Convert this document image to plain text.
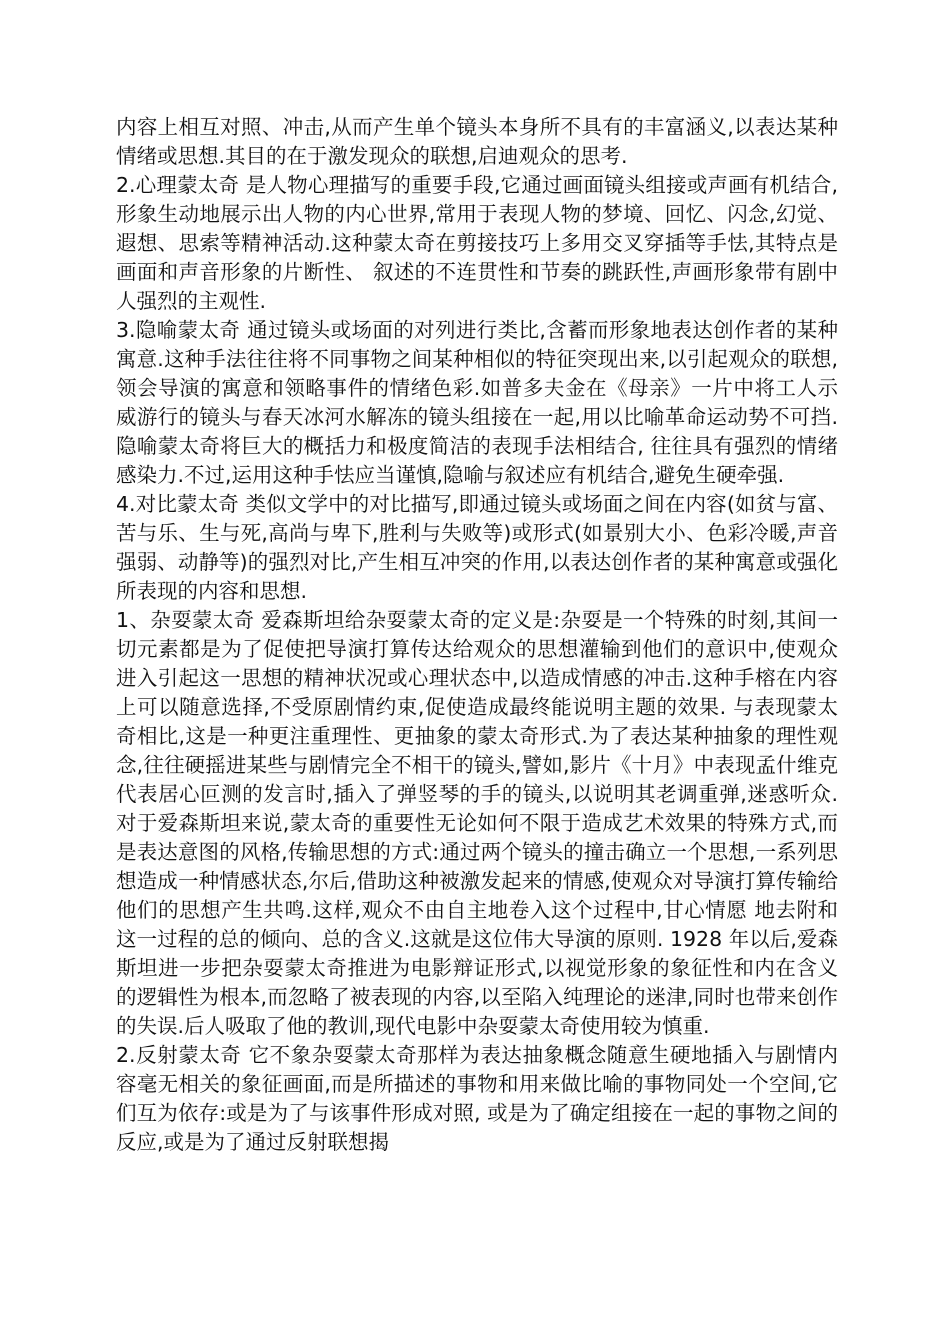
内容上相互对照、冲击,从而产生单个镜头本身所不具有的丰富涵义,以表达某种情绪或思想.其目的在于激发现众的联想,启迪观众的思考.

2.心理蒙太奇 是人物心理描写的重要手段,它通过画面镜头组接或声画有机结合,形象生动地展示出人物的内心世界,常用于表现人物的梦境、回忆、闪念,幻觉、遐想、思索等精神活动.这种蒙太奇在剪接技巧上多用交叉穿插等手怯,其特点是画面和声音形象的片断性、 叙述的不连贯性和节奏的跳跃性,声画形象带有剧中人强烈的主观性.

3.隐喻蒙太奇 通过镜头或场面的对列进行类比,含蓄而形象地表达创作者的某种寓意.这种手法往往将不同事物之间某种相似的特征突现出来,以引起观众的联想,领会导演的寓意和领略事件的情绪色彩.如普多夫金在《母亲》一片中将工人示威游行的镜头与春天冰河水解冻的镜头组接在一起,用以比喻革命运动势不可挡. 隐喻蒙太奇将巨大的概括力和极度简洁的表现手法相结合, 往往具有强烈的情绪感染力.不过,运用这种手怯应当谨慎,隐喻与叙述应有机结合,避免生硬牵强.

4.对比蒙太奇 类似文学中的对比描写,即通过镜头或场面之间在内容(如贫与富、苦与乐、生与死,高尚与卑下,胜利与失败等)或形式(如景别大小、色彩冷暖,声音强弱、动静等)的强烈对比,产生相互冲突的作用,以表达创作者的某种寓意或强化所表现的内容和思想.

1、杂耍蒙太奇 爱森斯坦给杂耍蒙太奇的定义是:杂耍是一个特殊的时刻,其间一切元素都是为了促使把导演打算传达给观众的思想灌输到他们的意识中,使观众进入引起这一思想的精神状况或心理状态中,以造成情感的冲击.这种手榕在内容上可以随意选择,不受原剧情约束,促使造成最终能说明主题的效果. 与表现蒙太奇相比,这是一种更注重理性、更抽象的蒙太奇形式.为了表达某种抽象的理性观念,往往硬摇进某些与剧情完全不相干的镜头,譬如,影片《十月》中表现孟什维克代表居心叵测的发言时,插入了弹竖琴的手的镜头,以说明其老调重弹,迷惑听众. 对于爱森斯坦来说,蒙太奇的重要性无论如何不限于造成艺术效果的特殊方式,而是表达意图的风格,传输思想的方式:通过两个镜头的撞击确立一个思想,一系列思想造成一种情感状态,尔后,借助这种被激发起来的情感,使观众对导演打算传输给他们的思想产生共鸣.这样,观众不由自主地卷入这个过程中,甘心情愿 地去附和这一过程的总的倾向、总的含义.这就是这位伟大导演的原则. 1928 年以后,爱森斯坦进一步把杂耍蒙太奇推进为电影辩证形式,以视觉形象的象征性和内在含义的逻辑性为根本,而忽略了被表现的内容,以至陷入纯理论的迷津,同时也带来创作的失误.后人吸取了他的教训,现代电影中杂耍蒙太奇使用较为慎重.

2.反射蒙太奇 它不象杂耍蒙太奇那样为表达抽象概念随意生硬地插入与剧情内容毫无相关的象征画面,而是所描述的事物和用来做比喻的事物同处一个空间,它们互为依存:或是为了与该事件形成对照, 或是为了确定组接在一起的事物之间的反应,或是为了通过反射联想揭
